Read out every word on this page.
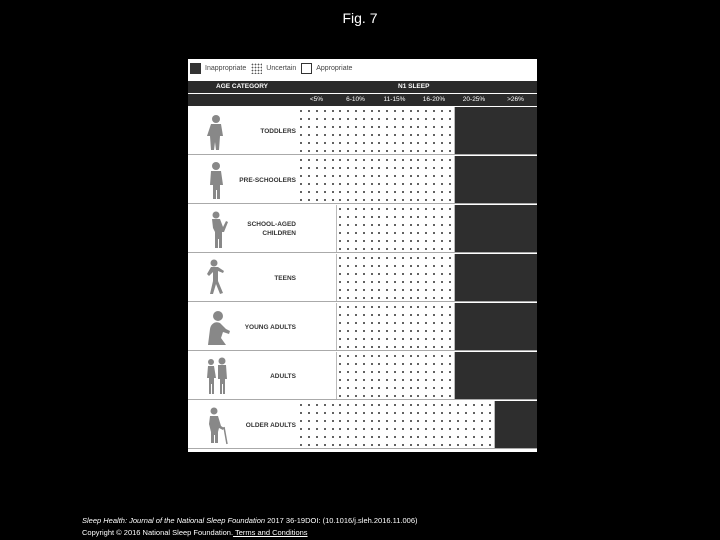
Fig. 7
Inappropriate	Uncertain	Appropriate
AGE CATEGORY	N1 SLEEP
<5%	6-10%	11-15%	16-20%	20-25%	>26%
TODDLERS
PRE-SCHOOLERS
SCHOOL-AGED
CHILDREN
TEENS
YOUNG ADULTS
ADULTS
OLDER ADULTS
Sleep Health: Journal of the National Sleep Foundation 2017 36-19DOI: (10.1016/j.sleh.2016.11.006)
Copyright © 2016 National Sleep Foundation. Terms and Conditions
